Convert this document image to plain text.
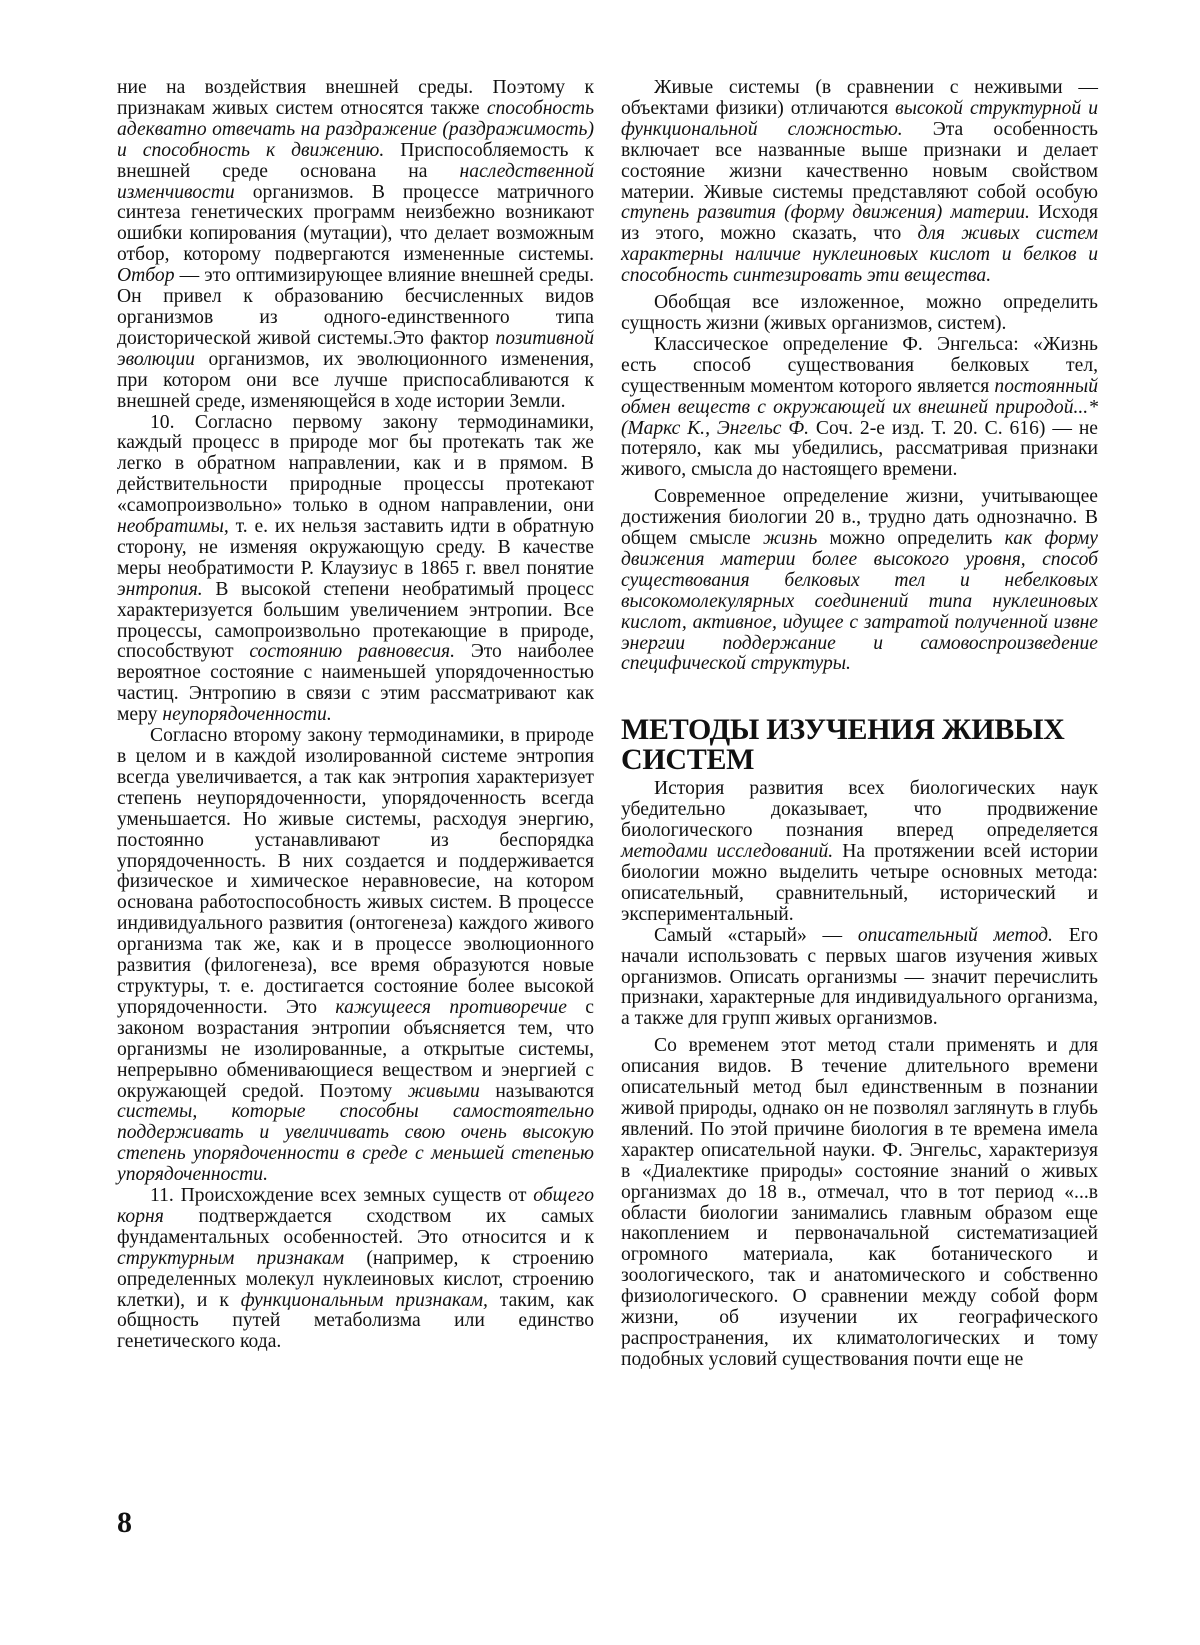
ние на воздействия внешней среды. Поэтому к признакам живых систем относятся также способность адекватно отвечать на раздражение (раздражимость) и способность к движению. Приспособляемость к внешней среде основана на наследственной изменчивости организмов. В процессе матричного синтеза генетических программ неизбежно возникают ошибки копирования (мутации), что делает возможным отбор, которому подвергаются измененные системы. Отбор — это оптимизирующее влияние внешней среды. Он привел к образованию бесчисленных видов организмов из одного-единственного типа доисторической живой системы.Это фактор позитивной эволюции организмов, их эволюционного изменения, при котором они все лучше приспосабливаются к внешней среде, изменяющейся в ходе истории Земли.

10. Согласно первому закону термодинамики, каждый процесс в природе мог бы протекать так же легко в обратном направлении, как и в прямом. В действительности природные процессы протекают «самопроизвольно» только в одном направлении, они необратимы, т. е. их нельзя заставить идти в обратную сторону, не изменяя окружающую среду. В качестве меры необратимости Р. Клаузиус в 1865 г. ввел понятие энтропия. В высокой степени необратимый процесс характеризуется большим увеличением энтропии. Все процессы, самопроизвольно протекающие в природе, способствуют состоянию равновесия. Это наиболее вероятное состояние с наименьшей упорядоченностью частиц. Энтропию в связи с этим рассматривают как меру неупорядоченности.

Согласно второму закону термодинамики, в природе в целом и в каждой изолированной системе энтропия всегда увеличивается, а так как энтропия характеризует степень неупорядоченности, упорядоченность всегда уменьшается. Но живые системы, расходуя энергию, постоянно устанавливают из беспорядка упорядоченность. В них создается и поддерживается физическое и химическое неравновесие, на котором основана работоспособность живых систем. В процессе индивидуального развития (онтогенеза) каждого живого организма так же, как и в процессе эволюционного развития (филогенеза), все время образуются новые структуры, т. е. достигается состояние более высокой упорядоченности. Это кажущееся противоречие с законом возрастания энтропии объясняется тем, что организмы не изолированные, а открытые системы, непрерывно обменивающиеся веществом и энергией с окружающей средой. Поэтому живыми называются системы, которые способны самостоятельно поддерживать и увеличивать свою очень высокую степень упорядоченности в среде с меньшей степенью упорядоченности.

11. Происхождение всех земных существ от общего корня подтверждается сходством их самых фундаментальных особенностей. Это относится и к структурным признакам (например, к строению определенных молекул нуклеиновых кислот, строению клетки), и к функциональным признакам, таким, как общность путей метаболизма или единство генетического кода.

Живые системы (в сравнении с неживыми — объектами физики) отличаются высокой структурной и функциональной сложностью. Эта особенность включает все названные выше признаки и делает состояние жизни качественно новым свойством материи. Живые системы представляют собой особую ступень развития (форму движения) материи. Исходя из этого, можно сказать, что для живых систем характерны наличие нуклеиновых кислот и белков и способность синтезировать эти вещества.

Обобщая все изложенное, можно определить сущность жизни (живых организмов, систем).

Классическое определение Ф. Энгельса: «Жизнь есть способ существования белковых тел, существенным моментом которого является постоянный обмен веществ с окружающей их внешней природой...* (Маркс К., Энгельс Ф. Соч. 2-е изд. Т. 20. С. 616) — не потеряло, как мы убедились, рассматривая признаки живого, смысла до настоящего времени.

Современное определение жизни, учитывающее достижения биологии 20 в., трудно дать однозначно. В общем смысле жизнь можно определить как форму движения материи более высокого уровня, способ существования белковых тел и небелковых высокомолекулярных соединений типа нуклеиновых кислот, активное, идущее с затратой полученной извне энергии поддержание и самовоспроизведение специфической структуры.

МЕТОДЫ ИЗУЧЕНИЯ ЖИВЫХ СИСТЕМ

История развития всех биологических наук убедительно доказывает, что продвижение биологического познания вперед определяется методами исследований. На протяжении всей истории биологии можно выделить четыре основных метода: описательный, сравнительный, исторический и экспериментальный.

Самый «старый» — описательный метод. Его начали использовать с первых шагов изучения живых организмов. Описать организмы — значит перечислить признаки, характерные для индивидуального организма, а также для групп живых организмов.

Со временем этот метод стали применять и для описания видов. В течение длительного времени описательный метод был единственным в познании живой природы, однако он не позволял заглянуть в глубь явлений. По этой причине биология в те времена имела характер описательной науки. Ф. Энгельс, характеризуя в «Диалектике природы» состояние знаний о живых организмах до 18 в., отмечал, что в тот период «...в области биологии занимались главным образом еще накоплением и первоначальной систематизацией огромного материала, как ботанического и зоологического, так и анатомического и собственно физиологического. О сравнении между собой форм жизни, об изучении их географического распространения, их климатологических и тому подобных условий существования почти еще не

8
